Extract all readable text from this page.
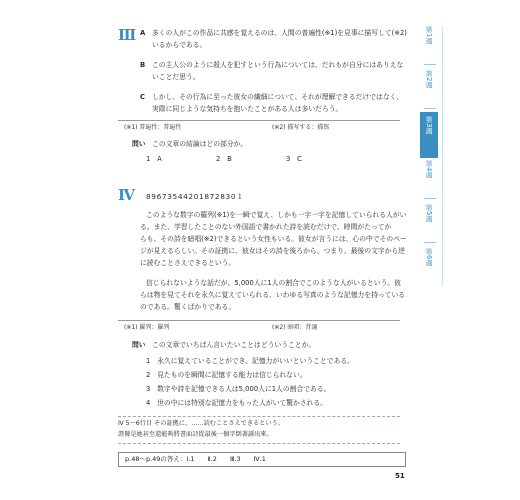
Ⅲ A 多くの人がこの作品に共感を覚えるのは、人間の普遍性(※1)を見事に描写して(※2)
いるからである。
B この主人公のように殺人を犯すという行為については、だれもが自分にはありえな
いことだ思う。
C しかし、その行為に至った彼女の繊細について、それが理解できるだけではなく、
実際に同じような気持ちを抱いたことがある人は多いだろう。
(※1) 普遍性：普遍性	(※2) 描写する：描寫
問い この文章の結論はどの部分か。
1　A	2　B	3　C
Ⅳ 89673544201872830１
このような数字の羅列(※1)を一瞬で覚え、しかも一字一字を記憶していられる人がい
る。また、学習したことのない外国語で書かれた詩を読むだけで、時間がたってか
らも、その詩を暗唱(※2)できるという女性もいる。彼女が言うには、心の中でそのペー
ジが見えるらしい。その証拠に、彼女はその詩を後ろから、つまり、最後の文字から逆
に読むことさえできるという。
信じられないような話だが、5,000人に1人の割合でこのような人がいるという。彼
らは物を見てそれを永久に覚えていられる、いわゆる写真のような記憶力を持っている
のである。驚くばかりである。
(※1) 羅列：羅列	(※2) 暗唱：背誦
問い この文章でいちばん言いたいことはどういうことか。
1　永久に覚えていることができ、記憶力がいいということである。
2　見たものを瞬間に記憶する能力は信じられない。
3　数字や詩を記憶できる人は5,000人に1人の割合である。
4　世の中には特別な記憶力をもった人がいて驚かされる。
Ⅳ 5～6行目 その証拠に、……読むことさえできるという。
證據是她甚至還能夠將書面詩從最後一個字倒著讀出來。
p.48～p.49の答え：Ⅰ.1　　Ⅱ.2　　Ⅲ.3　　Ⅳ.1
51
第1週
第2週
第3週
第4週
第5週
第6週
